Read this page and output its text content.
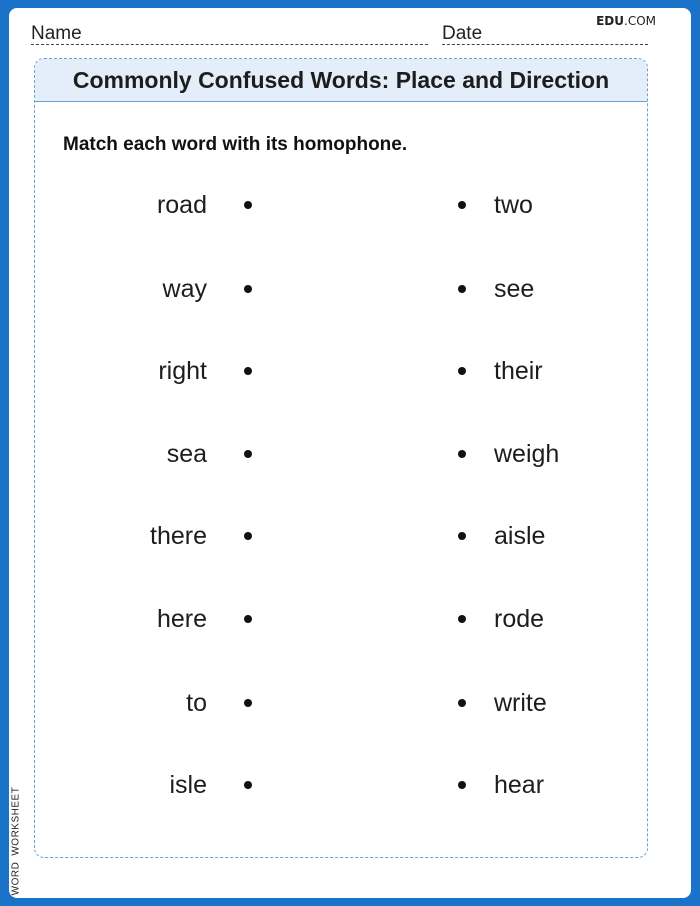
EDU.COM
Name	Date
Commonly Confused Words: Place and Direction
Match each word with its homophone.
road	two
way	see
right	their
sea	weigh
there	aisle
here	rode
to	write
isle	hear
WORDWORKSHEET
